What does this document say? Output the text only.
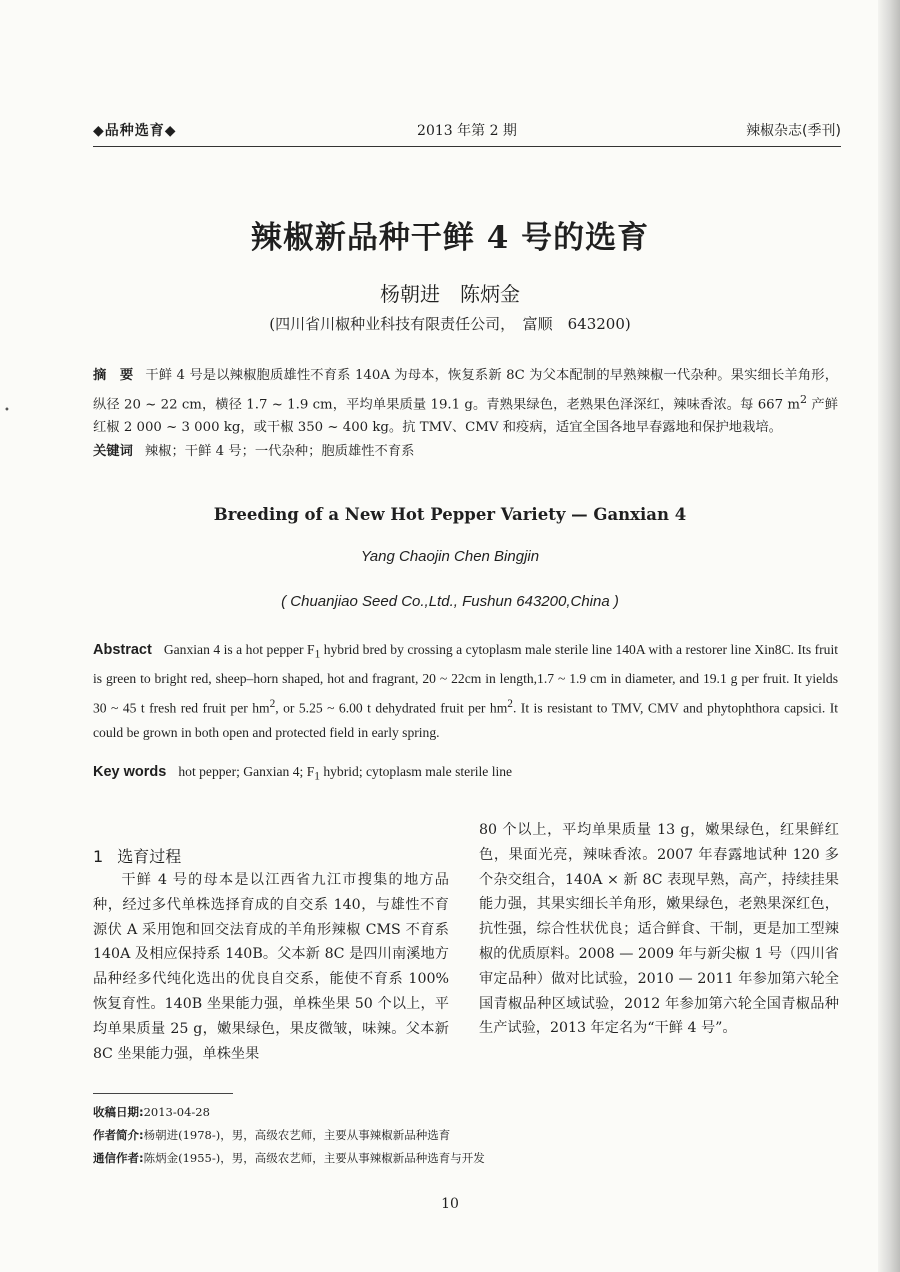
•
◆品种选育◆	2013 年第 2 期	辣椒杂志(季刊)
辣椒新品种干鲜 4 号的选育
杨朝进　陈炳金
(四川省川椒种业科技有限责任公司，　富顺　643200)
摘　要 干鲜 4 号是以辣椒胞质雄性不育系 140A 为母本，恢复系新 8C 为父本配制的早熟辣椒一代杂种。果实细长羊角形，纵径 20 ~ 22 cm，横径 1.7 ~ 1.9 cm，平均单果质量 19.1 g。青熟果绿色，老熟果色泽深红，辣味香浓。每 667 $m^2$ 产鲜红椒 2 000 ~ 3 000 kg，或干椒 350 ~ 400 kg。抗 TMV、CMV 和疫病，适宜全国各地早春露地和保护地栽培。
关键词 辣椒；干鲜 4 号；一代杂种；胞质雄性不育系
Breeding of a New Hot Pepper Variety — Ganxian 4
Yang Chaojin Chen Bingjin
( Chuanjiao Seed Co.,Ltd., Fushun 643200,China )
Abstract Ganxian 4 is a hot pepper $F_1$ hybrid bred by crossing a cytoplasm male sterile line 140A with a restorer line Xin8C. Its fruit is green to bright red, sheep–horn shaped, hot and fragrant, 20 ~ 22cm in length,1.7 ~ 1.9 cm in diameter, and 19.1 g per fruit. It yields 30 ~ 45 t fresh red fruit per $hm^2$, or 5.25 ~ 6.00 t dehydrated fruit per $hm^2$. It is resistant to TMV, CMV and phytophthora capsici. It could be grown in both open and protected field in early spring.
Key words hot pepper; Ganxian 4; $F_1$ hybrid; cytoplasm male sterile line
1 选育过程
干鲜 4 号的母本是以江西省九江市搜集的地方品种，经过多代单株选择育成的自交系 140，与雄性不育源伏 A 采用饱和回交法育成的羊角形辣椒 CMS 不育系 140A 及相应保持系 140B。父本新 8C 是四川南溪地方品种经多代纯化选出的优良自交系，能使不育系 100%恢复育性。140B 坐果能力强，单株坐果 50 个以上，平均单果质量 25 g，嫩果绿色，果皮微皱，味辣。父本新 8C 坐果能力强，单株坐果
80 个以上，平均单果质量 13 g，嫩果绿色，红果鲜红色，果面光亮，辣味香浓。2007 年春露地试种 120 多个杂交组合，140A × 新 8C 表现早熟，高产，持续挂果能力强，其果实细长羊角形，嫩果绿色，老熟果深红色，抗性强，综合性状优良；适合鲜食、干制，更是加工型辣椒的优质原料。2008 — 2009 年与新尖椒 1 号（四川省审定品种）做对比试验，2010 — 2011 年参加第六轮全国青椒品种区域试验，2012 年参加第六轮全国青椒品种生产试验，2013 年定名为“干鲜 4 号”。
收稿日期:2013-04-28
作者简介:杨朝进(1978-)，男，高级农艺师，主要从事辣椒新品种选育
通信作者:陈炳金(1955-)，男，高级农艺师，主要从事辣椒新品种选育与开发
10
